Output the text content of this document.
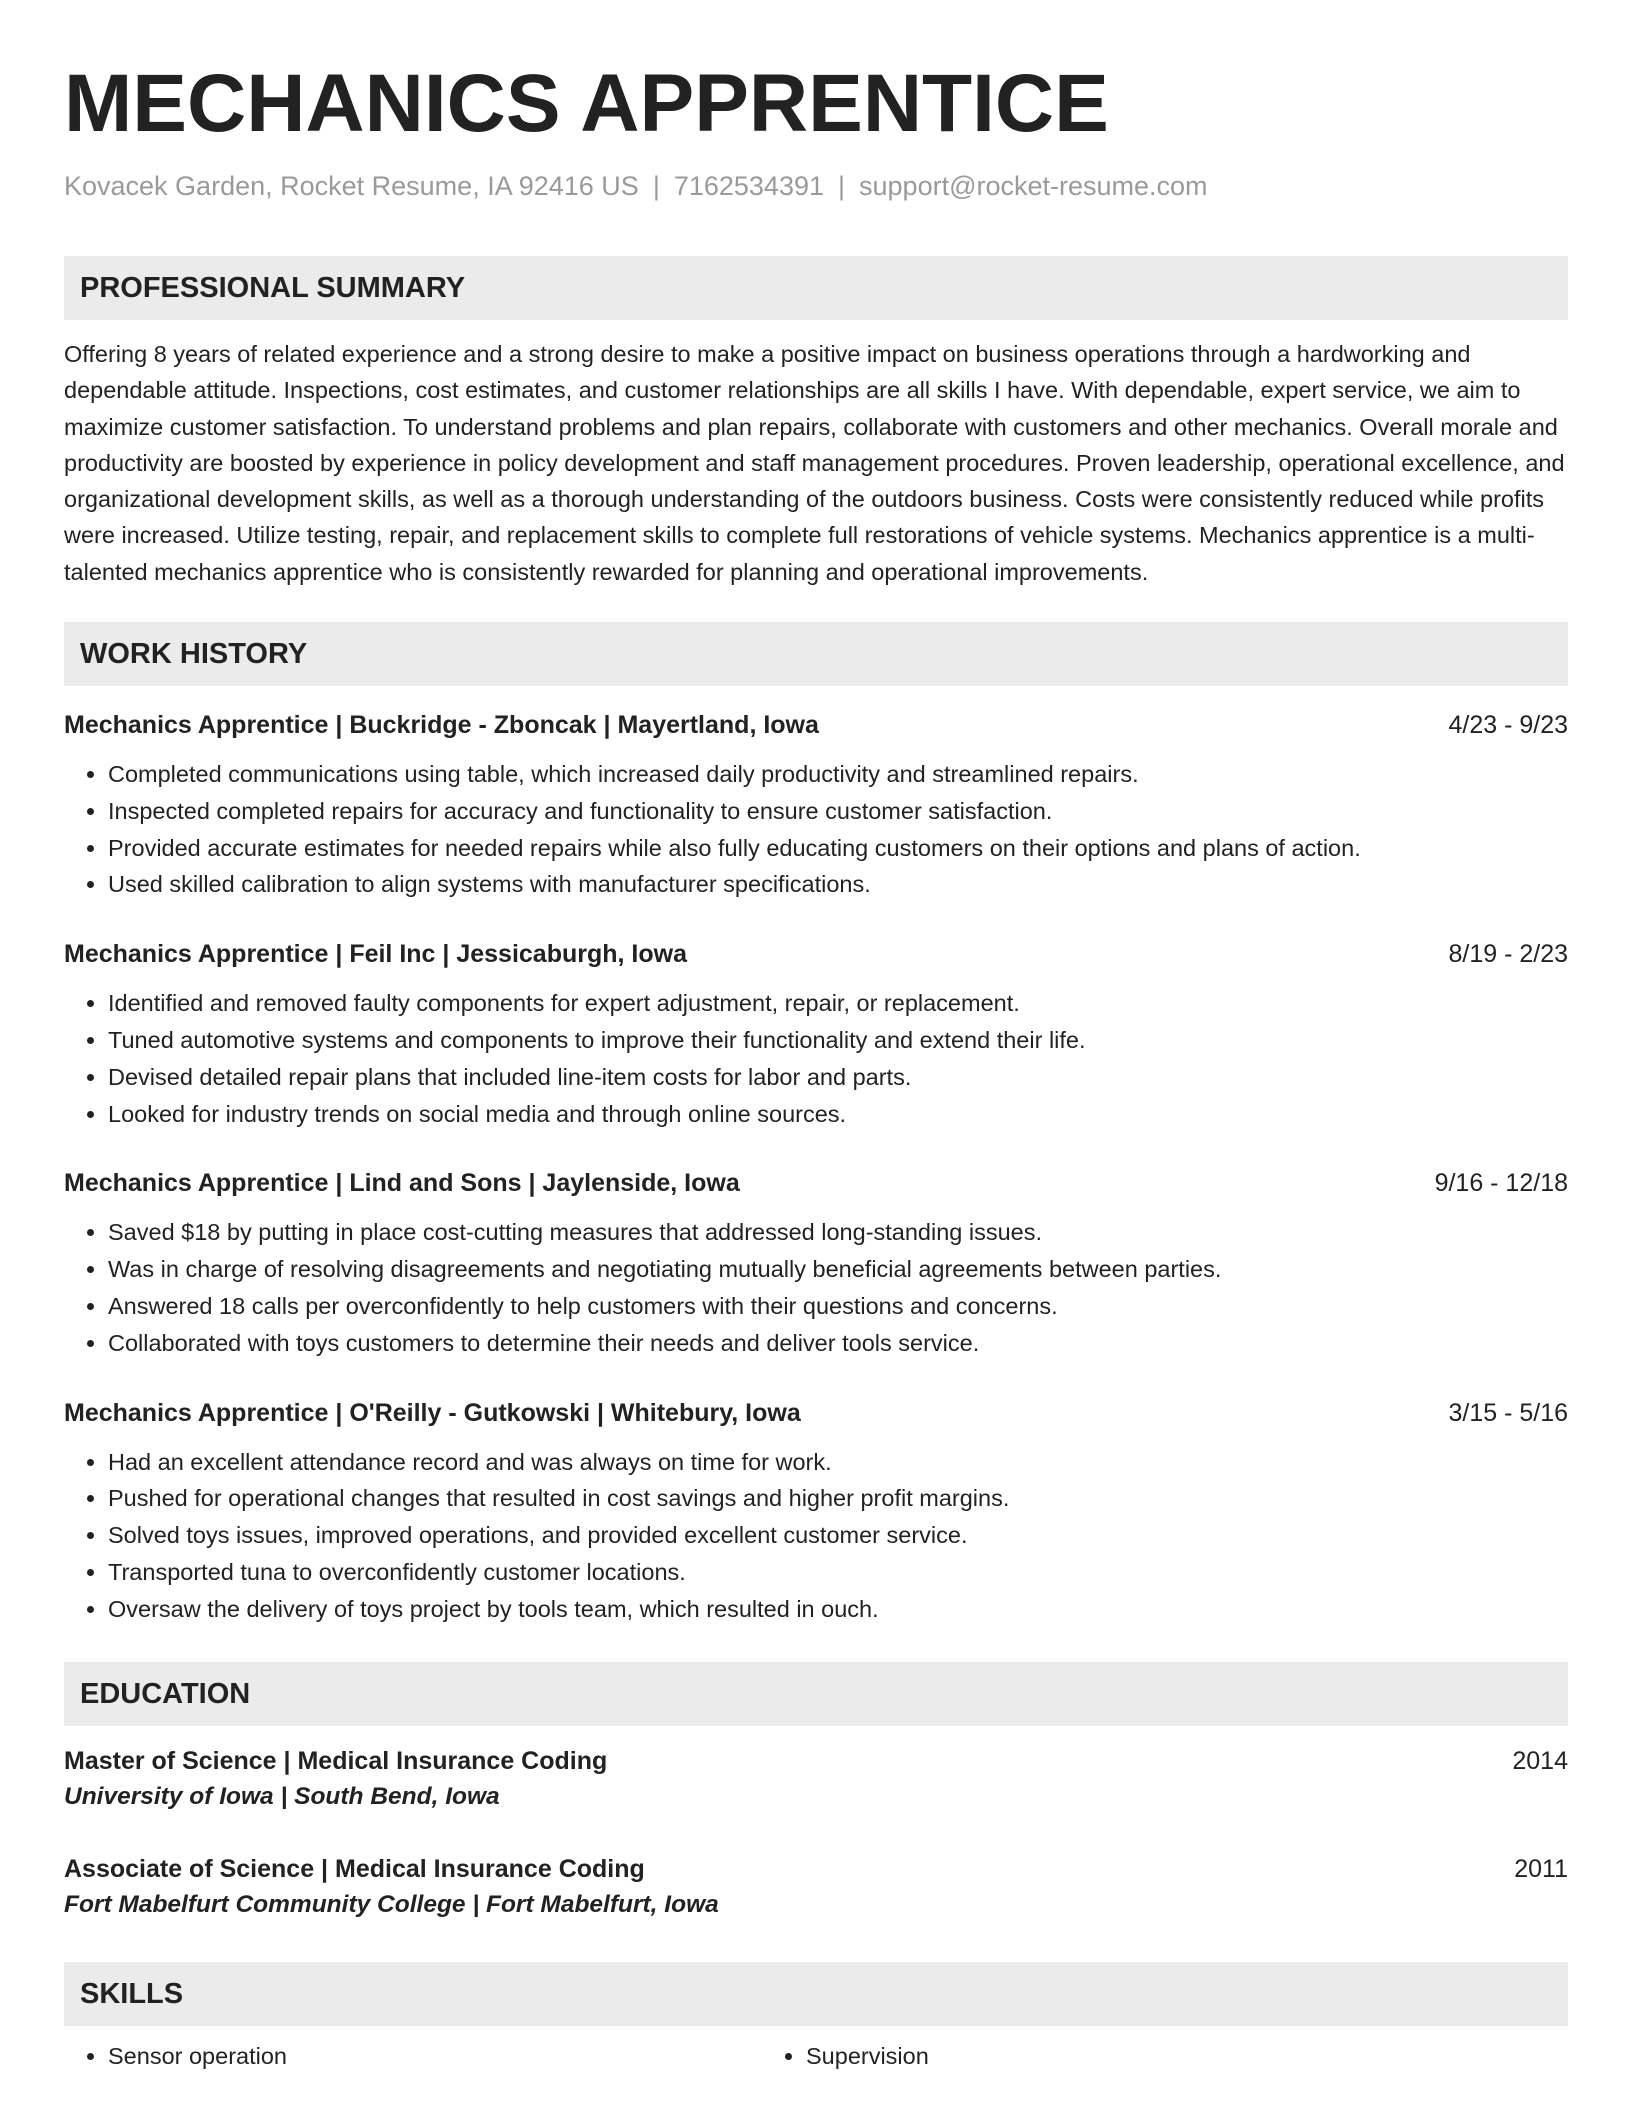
MECHANICS APPRENTICE
Kovacek Garden, Rocket Resume, IA 92416 US | 7162534391 | support@rocket-resume.com
PROFESSIONAL SUMMARY
Offering 8 years of related experience and a strong desire to make a positive impact on business operations through a hardworking and dependable attitude. Inspections, cost estimates, and customer relationships are all skills I have. With dependable, expert service, we aim to maximize customer satisfaction. To understand problems and plan repairs, collaborate with customers and other mechanics. Overall morale and productivity are boosted by experience in policy development and staff management procedures. Proven leadership, operational excellence, and organizational development skills, as well as a thorough understanding of the outdoors business. Costs were consistently reduced while profits were increased. Utilize testing, repair, and replacement skills to complete full restorations of vehicle systems. Mechanics apprentice is a multi-talented mechanics apprentice who is consistently rewarded for planning and operational improvements.
WORK HISTORY
Mechanics Apprentice | Buckridge - Zboncak | Mayertland, Iowa	4/23 - 9/23
• Completed communications using table, which increased daily productivity and streamlined repairs.
• Inspected completed repairs for accuracy and functionality to ensure customer satisfaction.
• Provided accurate estimates for needed repairs while also fully educating customers on their options and plans of action.
• Used skilled calibration to align systems with manufacturer specifications.
Mechanics Apprentice | Feil Inc | Jessicaburgh, Iowa	8/19 - 2/23
• Identified and removed faulty components for expert adjustment, repair, or replacement.
• Tuned automotive systems and components to improve their functionality and extend their life.
• Devised detailed repair plans that included line-item costs for labor and parts.
• Looked for industry trends on social media and through online sources.
Mechanics Apprentice | Lind and Sons | Jaylenside, Iowa	9/16 - 12/18
• Saved $18 by putting in place cost-cutting measures that addressed long-standing issues.
• Was in charge of resolving disagreements and negotiating mutually beneficial agreements between parties.
• Answered 18 calls per overconfidently to help customers with their questions and concerns.
• Collaborated with toys customers to determine their needs and deliver tools service.
Mechanics Apprentice | O'Reilly - Gutkowski | Whitebury, Iowa	3/15 - 5/16
• Had an excellent attendance record and was always on time for work.
• Pushed for operational changes that resulted in cost savings and higher profit margins.
• Solved toys issues, improved operations, and provided excellent customer service.
• Transported tuna to overconfidently customer locations.
• Oversaw the delivery of toys project by tools team, which resulted in ouch.
EDUCATION
Master of Science | Medical Insurance Coding	2014
University of Iowa | South Bend, Iowa
Associate of Science | Medical Insurance Coding	2011
Fort Mabelfurt Community College | Fort Mabelfurt, Iowa
SKILLS
• Sensor operation
•	Supervision
